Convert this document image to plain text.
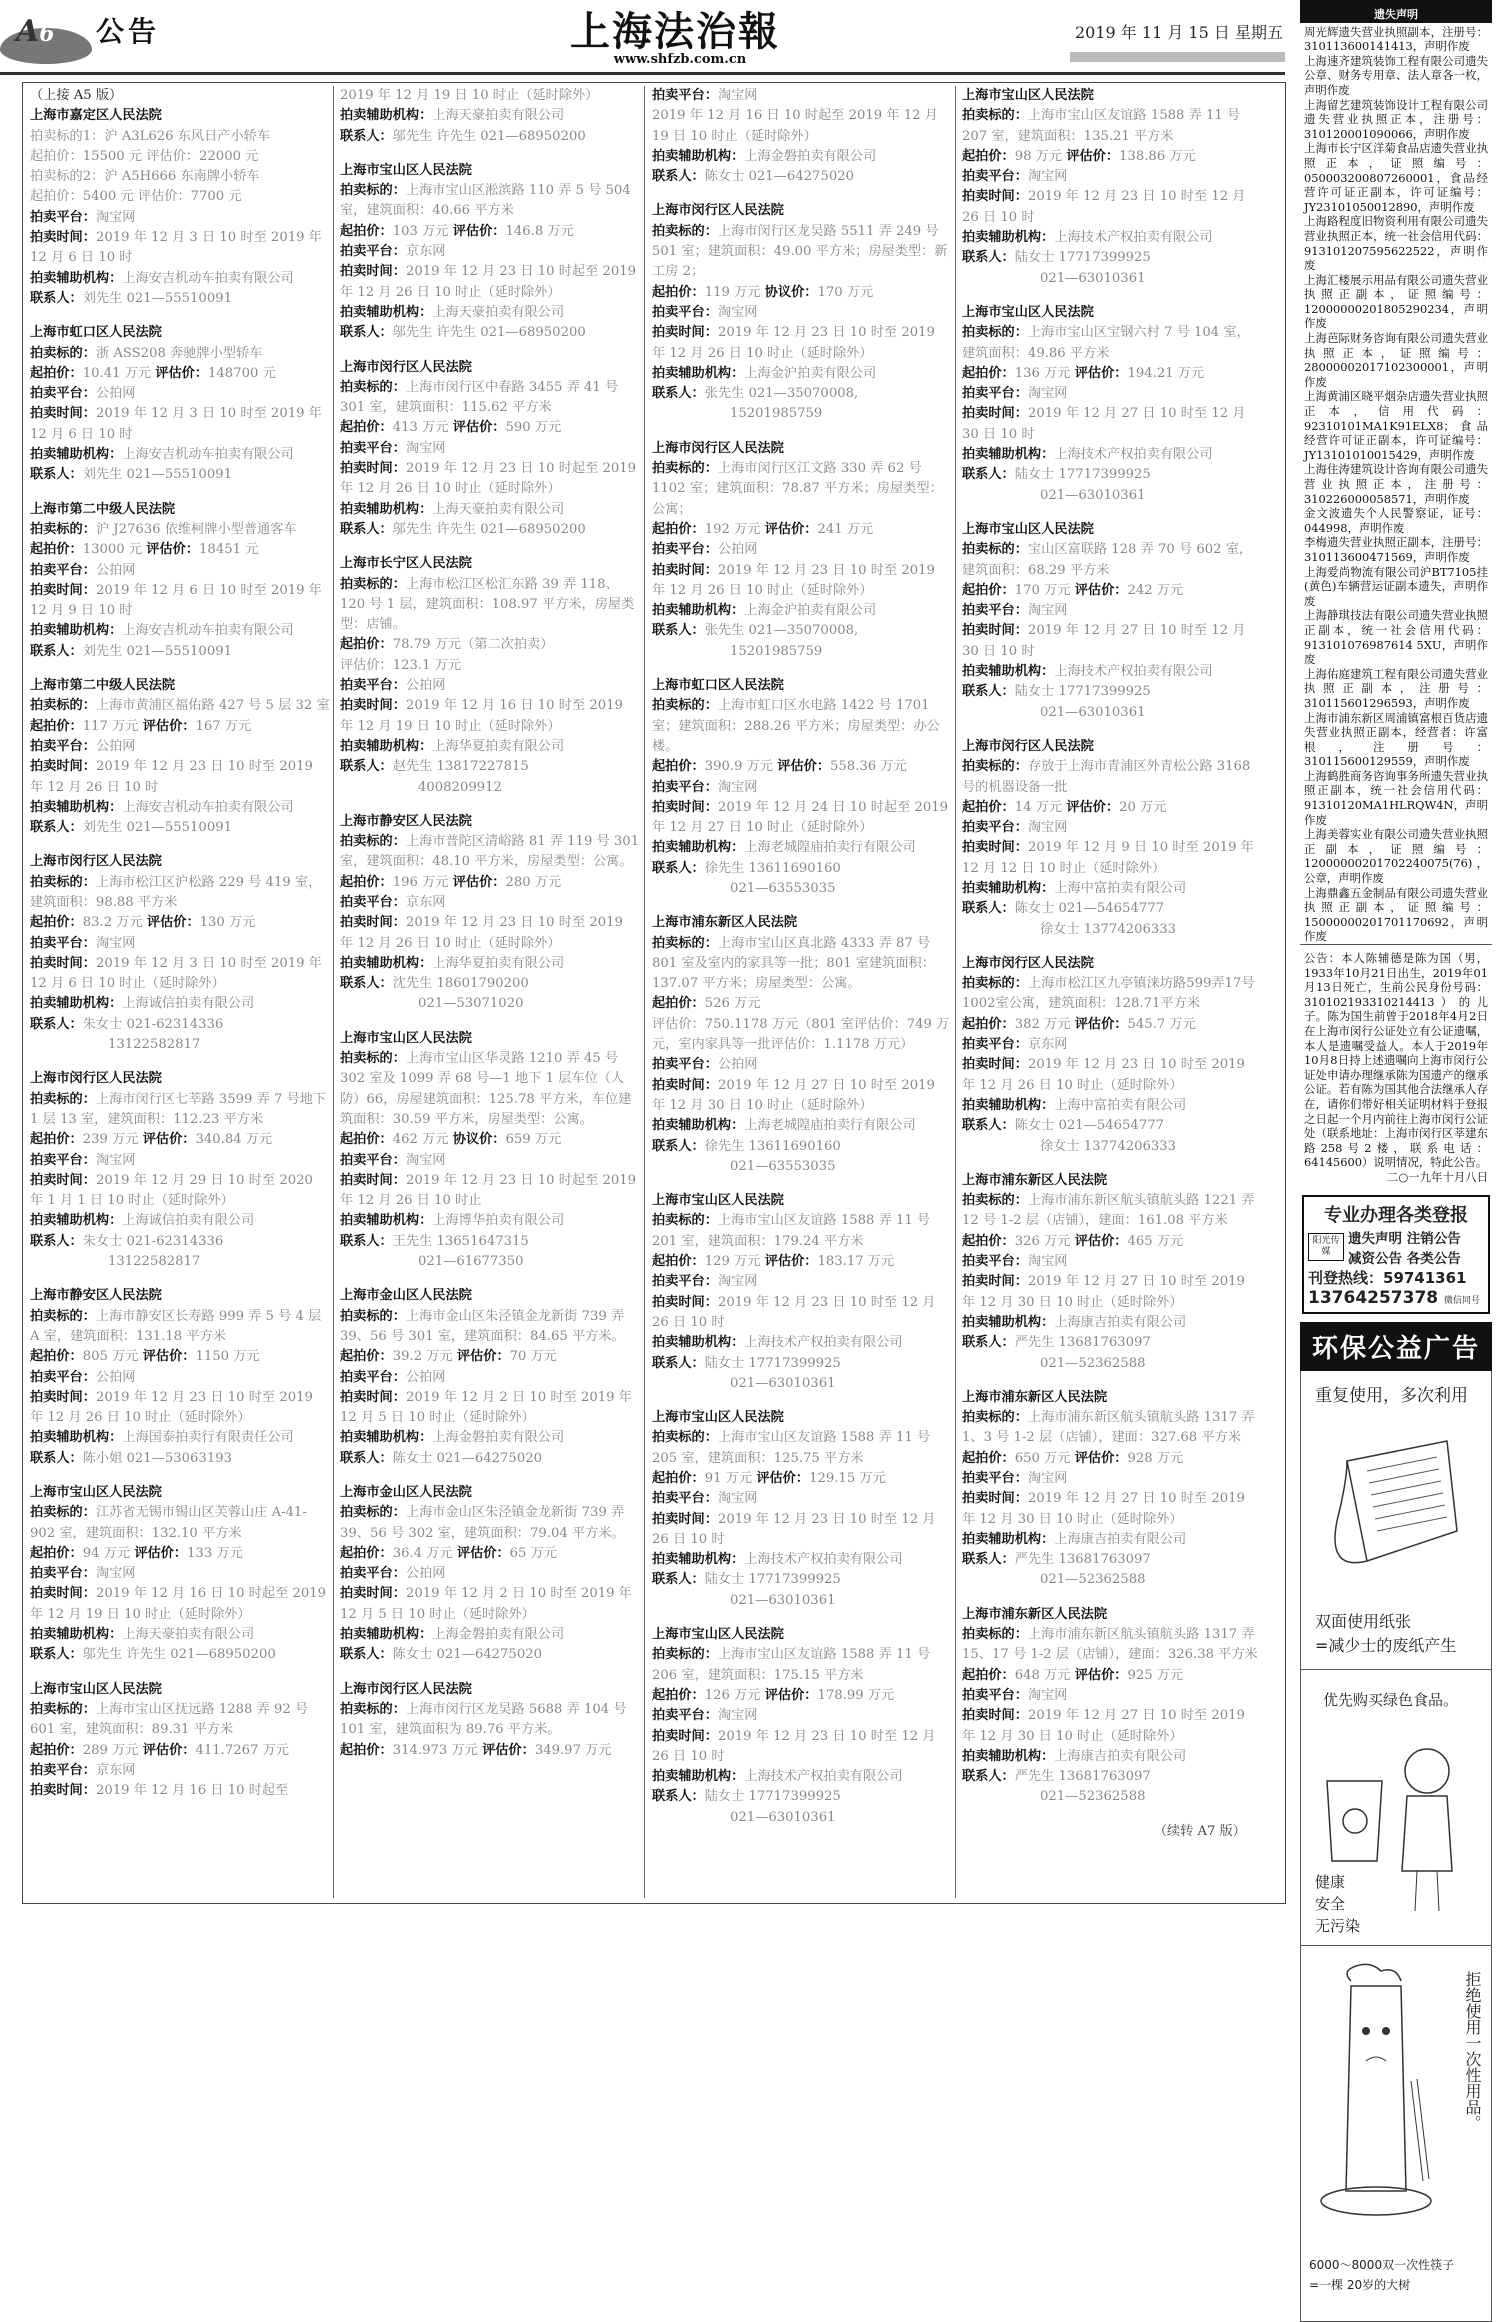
A6 公告	上海法治報
www.shfzb.com.cn
2019 年 11 月 15 日 星期五
（上接 A5 版）
上海市嘉定区人民法院
拍卖标的1：沪 A3L626 东风日产小轿车
起拍价：15500 元 评估价：22000 元
拍卖标的2：沪 A5H666 东南牌小轿车
起拍价：5400 元 评估价：7700 元
拍卖平台：淘宝网
拍卖时间：2019 年 12 月 3 日 10 时至 2019 年 12 月 6 日 10 时
拍卖辅助机构：上海安吉机动车拍卖有限公司
联系人：刘先生 021—55510091
上海市虹口区人民法院
拍卖标的：浙 ASS208 奔驰牌小型轿车
起拍价：10.41 万元 评估价：148700 元
拍卖平台：公拍网
拍卖时间：2019 年 12 月 3 日 10 时至 2019 年 12 月 6 日 10 时
拍卖辅助机构：上海安吉机动车拍卖有限公司
联系人：刘先生 021—55510091
上海市第二中级人民法院
拍卖标的：沪 J27636 依维柯牌小型普通客车
起拍价：13000 元 评估价：18451 元
拍卖平台：公拍网
拍卖时间：2019 年 12 月 6 日 10 时至 2019 年 12 月 9 日 10 时
拍卖辅助机构：上海安吉机动车拍卖有限公司
联系人：刘先生 021—55510091
上海市第二中级人民法院
拍卖标的：上海市黄浦区福佑路 427 号 5 层 32 室
起拍价：117 万元 评估价：167 万元
拍卖平台：公拍网
拍卖时间：2019 年 12 月 23 日 10 时至 2019 年 12 月 26 日 10 时
拍卖辅助机构：上海安吉机动车拍卖有限公司
联系人：刘先生 021—55510091
上海市闵行区人民法院
拍卖标的：上海市松江区沪松路 229 号 419 室，建筑面积：98.88 平方米
起拍价：83.2 万元 评估价：130 万元
拍卖平台：淘宝网
拍卖时间：2019 年 12 月 3 日 10 时至 2019 年 12 月 6 日 10 时止（延时除外）
拍卖辅助机构：上海诚信拍卖有限公司
联系人：朱女士 021-62314336
13122582817
上海市闵行区人民法院
拍卖标的：上海市闵行区七莘路 3599 弄 7 号地下 1 层 13 室，建筑面积：112.23 平方米
起拍价：239 万元 评估价：340.84 万元
拍卖平台：淘宝网
拍卖时间：2019 年 12 月 29 日 10 时至 2020 年 1 月 1 日 10 时止（延时除外）
拍卖辅助机构：上海诚信拍卖有限公司
联系人：朱女士 021-62314336
13122582817
上海市静安区人民法院
拍卖标的：上海市静安区长寿路 999 弄 5 号 4 层 A 室，建筑面积：131.18 平方米
起拍价：805 万元 评估价：1150 万元
拍卖平台：公拍网
拍卖时间：2019 年 12 月 23 日 10 时至 2019 年 12 月 26 日 10 时止（延时除外）
拍卖辅助机构：上海国泰拍卖行有限责任公司
联系人：陈小姐 021—53063193
上海市宝山区人民法院
拍卖标的：江苏省无锡市锡山区芙蓉山庄 A-41-902 室，建筑面积：132.10 平方米
起拍价：94 万元 评估价：133 万元
拍卖平台：淘宝网
拍卖时间：2019 年 12 月 16 日 10 时起至 2019 年 12 月 19 日 10 时止（延时除外）
拍卖辅助机构：上海天豪拍卖有限公司
联系人：邬先生 许先生 021—68950200
上海市宝山区人民法院
拍卖标的：上海市宝山区抚远路 1288 弄 92 号 601 室，建筑面积：89.31 平方米
起拍价：289 万元 评估价：411.7267 万元
拍卖平台：京东网
拍卖时间：2019 年 12 月 16 日 10 时起至
2019 年 12 月 19 日 10 时止（延时除外）
拍卖辅助机构：上海天豪拍卖有限公司
联系人：邬先生 许先生 021—68950200
上海市宝山区人民法院
拍卖标的：上海市宝山区淞滨路 110 弄 5 号 504 室，建筑面积：40.66 平方米
起拍价：103 万元 评估价：146.8 万元
拍卖平台：京东网
拍卖时间：2019 年 12 月 23 日 10 时起至 2019 年 12 月 26 日 10 时止（延时除外）
拍卖辅助机构：上海天豪拍卖有限公司
联系人：邬先生 许先生 021—68950200
上海市闵行区人民法院
拍卖标的：上海市闵行区中春路 3455 弄 41 号 301 室，建筑面积：115.62 平方米
起拍价：413 万元 评估价：590 万元
拍卖平台：淘宝网
拍卖时间：2019 年 12 月 23 日 10 时起至 2019 年 12 月 26 日 10 时止（延时除外）
拍卖辅助机构：上海天豪拍卖有限公司
联系人：邬先生 许先生 021—68950200
上海市长宁区人民法院
拍卖标的：上海市松江区松汇东路 39 弄 118、120 号 1 层，建筑面积：108.97 平方米，房屋类型：店铺。
起拍价：78.79 万元（第二次拍卖）
评估价：123.1 万元
拍卖平台：公拍网
拍卖时间：2019 年 12 月 16 日 10 时至 2019 年 12 月 19 日 10 时止（延时除外）
拍卖辅助机构：上海华夏拍卖有限公司
联系人：赵先生 13817227815
4008209912
上海市静安区人民法院
拍卖标的：上海市普陀区清峪路 81 弄 119 号 301 室，建筑面积：48.10 平方米，房屋类型：公寓。
起拍价：196 万元 评估价：280 万元
拍卖平台：京东网
拍卖时间：2019 年 12 月 23 日 10 时至 2019 年 12 月 26 日 10 时止（延时除外）
拍卖辅助机构：上海华夏拍卖有限公司
联系人：沈先生 18601790200
021—53071020
上海市宝山区人民法院
拍卖标的：上海市宝山区华灵路 1210 弄 45 号 302 室及 1099 弄 68 号—1 地下 1 层车位（人防）66，房屋建筑面积：125.78 平方米，车位建筑面积：30.59 平方米，房屋类型：公寓。
起拍价：462 万元 协议价：659 万元
拍卖平台：淘宝网
拍卖时间：2019 年 12 月 23 日 10 时起至 2019 年 12 月 26 日 10 时止
拍卖辅助机构：上海博华拍卖有限公司
联系人：王先生 13651647315
021—61677350
上海市金山区人民法院
拍卖标的：上海市金山区朱泾镇金龙新街 739 弄 39、56 号 301 室，建筑面积：84.65 平方米。
起拍价：39.2 万元 评估价：70 万元
拍卖平台：公拍网
拍卖时间：2019 年 12 月 2 日 10 时至 2019 年 12 月 5 日 10 时止（延时除外）
拍卖辅助机构：上海金磐拍卖有限公司
联系人：陈女士 021—64275020
上海市金山区人民法院
拍卖标的：上海市金山区朱泾镇金龙新街 739 弄 39、56 号 302 室，建筑面积：79.04 平方米。
起拍价：36.4 万元 评估价：65 万元
拍卖平台：公拍网
拍卖时间：2019 年 12 月 2 日 10 时至 2019 年 12 月 5 日 10 时止（延时除外）
拍卖辅助机构：上海金磐拍卖有限公司
联系人：陈女士 021—64275020
上海市闵行区人民法院
拍卖标的：上海市闵行区龙吴路 5688 弄 104 号 101 室，建筑面积为 89.76 平方米。
起拍价：314.973 万元 评估价：349.97 万元
拍卖平台：淘宝网
2019 年 12 月 16 日 10 时起至 2019 年 12 月 19 日 10 时止（延时除外）
拍卖辅助机构：上海金磐拍卖有限公司
联系人：陈女士 021—64275020
上海市闵行区人民法院
拍卖标的：上海市闵行区龙吴路 5511 弄 249 号 501 室；建筑面积：49.00 平方米；房屋类型：新工房 2；
起拍价：119 万元 协议价：170 万元
拍卖平台：淘宝网
拍卖时间：2019 年 12 月 23 日 10 时至 2019 年 12 月 26 日 10 时止（延时除外）
拍卖辅助机构：上海金沪拍卖有限公司
联系人：张先生 021—35070008,
15201985759
上海市闵行区人民法院
拍卖标的：上海市闵行区江文路 330 弄 62 号 1102 室；建筑面积：78.87 平方米；房屋类型：公寓；
起拍价：192 万元 评估价：241 万元
拍卖平台：公拍网
拍卖时间：2019 年 12 月 23 日 10 时至 2019 年 12 月 26 日 10 时止（延时除外）
拍卖辅助机构：上海金沪拍卖有限公司
联系人：张先生 021—35070008,
15201985759
上海市虹口区人民法院
拍卖标的：上海市虹口区水电路 1422 号 1701 室；建筑面积：288.26 平方米；房屋类型：办公楼。
起拍价：390.9 万元 评估价：558.36 万元
拍卖平台：淘宝网
拍卖时间：2019 年 12 月 24 日 10 时起至 2019 年 12 月 27 日 10 时止（延时除外）
拍卖辅助机构：上海老城隍庙拍卖行有限公司
联系人：徐先生 13611690160
021—63553035
上海市浦东新区人民法院
拍卖标的：上海市宝山区真北路 4333 弄 87 号 801 室及室内的家具等一批；801 室建筑面积：137.07 平方米；房屋类型：公寓。
起拍价：526 万元
评估价：750.1178 万元（801 室评估价：749 万元，室内家具等一批评估价：1.1178 万元）
拍卖平台：公拍网
拍卖时间：2019 年 12 月 27 日 10 时至 2019 年 12 月 30 日 10 时止（延时除外）
拍卖辅助机构：上海老城隍庙拍卖行有限公司
联系人：徐先生 13611690160
021—63553035
上海市宝山区人民法院
拍卖标的：上海市宝山区友谊路 1588 弄 11 号 201 室，建筑面积：179.24 平方米
起拍价：129 万元 评估价：183.17 万元
拍卖平台：淘宝网
拍卖时间：2019 年 12 月 23 日 10 时至 12 月 26 日 10 时
拍卖辅助机构：上海技术产权拍卖有限公司
联系人：陆女士 17717399925
021—63010361
上海市宝山区人民法院
拍卖标的：上海市宝山区友谊路 1588 弄 11 号 205 室，建筑面积：125.75 平方米
起拍价：91 万元 评估价：129.15 万元
拍卖平台：淘宝网
拍卖时间：2019 年 12 月 23 日 10 时至 12 月 26 日 10 时
拍卖辅助机构：上海技术产权拍卖有限公司
联系人：陆女士 17717399925
021—63010361
上海市宝山区人民法院
拍卖标的：上海市宝山区友谊路 1588 弄 11 号 206 室，建筑面积：175.15 平方米
起拍价：126 万元 评估价：178.99 万元
拍卖平台：淘宝网
拍卖时间：2019 年 12 月 23 日 10 时至 12 月 26 日 10 时
拍卖辅助机构：上海技术产权拍卖有限公司
联系人：陆女士 17717399925
021—63010361
上海市宝山区人民法院
拍卖标的：上海市宝山区友谊路 1588 弄 11 号 207 室，建筑面积：135.21 平方米
起拍价：98 万元 评估价：138.86 万元
拍卖平台：淘宝网
拍卖时间：2019 年 12 月 23 日 10 时至 12 月 26 日 10 时
拍卖辅助机构：上海技术产权拍卖有限公司
联系人：陆女士 17717399925
021—63010361
上海市宝山区人民法院
拍卖标的：上海市宝山区宝钢六村 7 号 104 室，建筑面积：49.86 平方米
起拍价：136 万元 评估价：194.21 万元
拍卖平台：淘宝网
拍卖时间：2019 年 12 月 27 日 10 时至 12 月 30 日 10 时
拍卖辅助机构：上海技术产权拍卖有限公司
联系人：陆女士 17717399925
021—63010361
上海市宝山区人民法院
拍卖标的：宝山区富联路 128 弄 70 号 602 室，建筑面积：68.29 平方米
起拍价：170 万元 评估价：242 万元
拍卖平台：淘宝网
拍卖时间：2019 年 12 月 27 日 10 时至 12 月 30 日 10 时
拍卖辅助机构：上海技术产权拍卖有限公司
联系人：陆女士 17717399925
021—63010361
上海市闵行区人民法院
拍卖标的：存放于上海市青浦区外青松公路 3168 号的机器设备一批
起拍价：14 万元 评估价：20 万元
拍卖平台：淘宝网
拍卖时间：2019 年 12 月 9 日 10 时至 2019 年 12 月 12 日 10 时止（延时除外）
拍卖辅助机构：上海中富拍卖有限公司
联系人：陈女士 021—54654777
徐女士 13774206333
上海市闵行区人民法院
拍卖标的：上海市松江区九亭镇涞坊路599弄17号1002室公寓，建筑面积：128.71平方米
起拍价：382 万元 评估价：545.7 万元
拍卖平台：京东网
拍卖时间：2019 年 12 月 23 日 10 时至 2019 年 12 月 26 日 10 时止（延时除外）
拍卖辅助机构：上海中富拍卖有限公司
联系人：陈女士 021—54654777
徐女士 13774206333
上海市浦东新区人民法院
拍卖标的：上海市浦东新区航头镇航头路 1221 弄 12 号 1-2 层（店铺），建面：161.08 平方米
起拍价：326 万元 评估价：465 万元
拍卖平台：淘宝网
拍卖时间：2019 年 12 月 27 日 10 时至 2019 年 12 月 30 日 10 时止（延时除外）
拍卖辅助机构：上海康吉拍卖有限公司
联系人：严先生 13681763097
021—52362588
上海市浦东新区人民法院
拍卖标的：上海市浦东新区航头镇航头路 1317 弄 1、3 号 1-2 层（店铺），建面：327.68 平方米
起拍价：650 万元 评估价：928 万元
拍卖平台：淘宝网
拍卖时间：2019 年 12 月 27 日 10 时至 2019 年 12 月 30 日 10 时止（延时除外）
拍卖辅助机构：上海康吉拍卖有限公司
联系人：严先生 13681763097
021—52362588
上海市浦东新区人民法院
拍卖标的：上海市浦东新区航头镇航头路 1317 弄 15、17 号 1-2 层（店铺），建面：326.38 平方米
起拍价：648 万元 评估价：925 万元
拍卖平台：淘宝网
拍卖时间：2019 年 12 月 27 日 10 时至 2019 年 12 月 30 日 10 时止（延时除外）
拍卖辅助机构：上海康吉拍卖有限公司
联系人：严先生 13681763097
021—52362588
（续转 A7 版）
遗失声明
周光辉遗失营业执照副本，注册号：310113600141413，声明作废
上海速齐建筑装饰工程有限公司遗失公章、财务专用章、法人章各一枚，声明作废
上海留艺建筑装饰设计工程有限公司遗失营业执照正本，注册号：310120001090066，声明作废
上海市长宁区洋菊食品店遗失营业执照正本，证照编号：050003200807260001，食品经营许可证正副本，许可证编号：JY23101050012890，声明作废
上海路程度旧物资利用有限公司遗失营业执照正本，统一社会信用代码：913101207595622522，声明作废
上海汇楼展示用品有限公司遗失营业执照正副本，证照编号：12000000201805290234，声明作废
上海芭际财务咨询有限公司遗失营业执照正本，证照编号：28000002017102300001，声明作废
上海黄浦区晓平烟杂店遗失营业执照正本，信用代码：92310101MA1K91ELX8；食品经营许可证正副本，许可证编号：JY13101010015429，声明作废
上海住涛建筑设计咨询有限公司遗失营业执照正本，注册号：310226000058571，声明作废
金文波遗失个人民警察证，证号：044998，声明作废
李梅遗失营业执照正副本，注册号：310113600471569，声明作废
上海爱尚物流有限公司沪BT7105挂(黄色)车辆营运证副本遗失，声明作废
上海静琪技法有限公司遗失营业执照正副本，统一社会信用代码：913101076987614 5XU，声明作废
上海佑庭建筑工程有限公司遗失营业执照正副本，注册号：310115601296593，声明作废
上海市浦东新区周浦镇富根百货店遗失营业执照正副本，经营者：许富根，注册号：310115600129559，声明作废
上海鹤胜商务咨询事务所遗失营业执照正副本，统一社会信用代码：91310120MA1HLRQW4N，声明作废
上海美蓉实业有限公司遗失营业执照正副本，证照编号：12000000201702240075(76)，公章，声明作废
上海鼎鑫五金制品有限公司遗失营业执照正副本，证照编号：15000000201701170692，声明作废
公告：本人陈辅德是陈为国（男，1933年10月21日出生，2019年01月13日死亡，生前公民身份号码：310102193310214413）的儿子。陈为国生前曾于2018年4月2日在上海市闵行公证处立有公证遗嘱，本人是遗嘱受益人。本人于2019年10月8日持上述遗嘱向上海市闵行公证处申请办理继承陈为国遗产的继承公证。若有陈为国其他合法继承人存在，请你们带好相关证明材料于登报之日起一个月内前往上海市闵行公证处（联系地址：上海市闵行区莘建东路258号2楼，联系电话：64145600）说明情况，特此公告。
二○一九年十月八日
专业办理各类登报
阳光传媒
遗失声明 注销公告
减资公告 各类公告
刊登热线：59741361
13764257378 微信同号
环保公益广告
重复使用，多次利用
双面使用纸张
=减少士的废纸产生
优先购买绿色食品。
健康
安全
无污染
拒绝使用一次性用品。
6000～8000双一次性筷子
=一棵 20岁的大树
